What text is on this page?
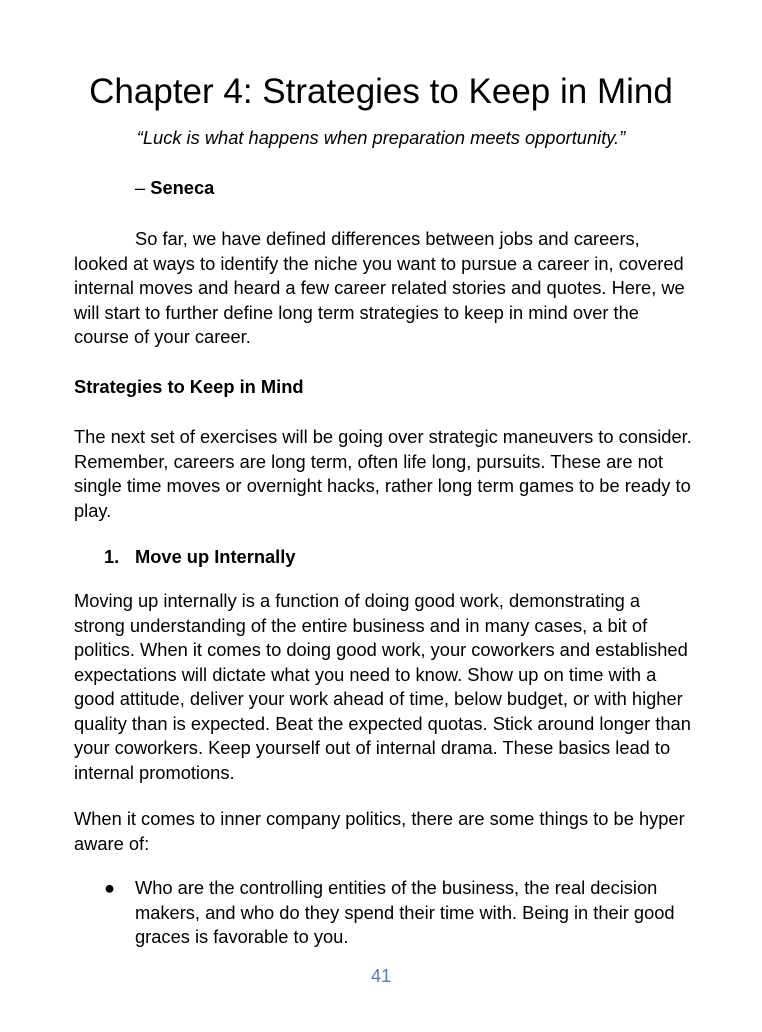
Chapter 4: Strategies to Keep in Mind

“Luck is what happens when preparation meets opportunity.”

– Seneca

So far, we have defined differences between jobs and careers, looked at ways to identify the niche you want to pursue a career in, covered internal moves and heard a few career related stories and quotes. Here, we will start to further define long term strategies to keep in mind over the course of your career.

Strategies to Keep in Mind

The next set of exercises will be going over strategic maneuvers to consider. Remember, careers are long term, often life long, pursuits. These are not single time moves or overnight hacks, rather long term games to be ready to play.

1. Move up Internally

Moving up internally is a function of doing good work, demonstrating a strong understanding of the entire business and in many cases, a bit of politics. When it comes to doing good work, your coworkers and established expectations will dictate what you need to know. Show up on time with a good attitude, deliver your work ahead of time, below budget, or with higher quality than is expected. Beat the expected quotas. Stick around longer than your coworkers. Keep yourself out of internal drama. These basics lead to internal promotions.

When it comes to inner company politics, there are some things to be hyper aware of:

● Who are the controlling entities of the business, the real decision makers, and who do they spend their time with. Being in their good graces is favorable to you.

41
